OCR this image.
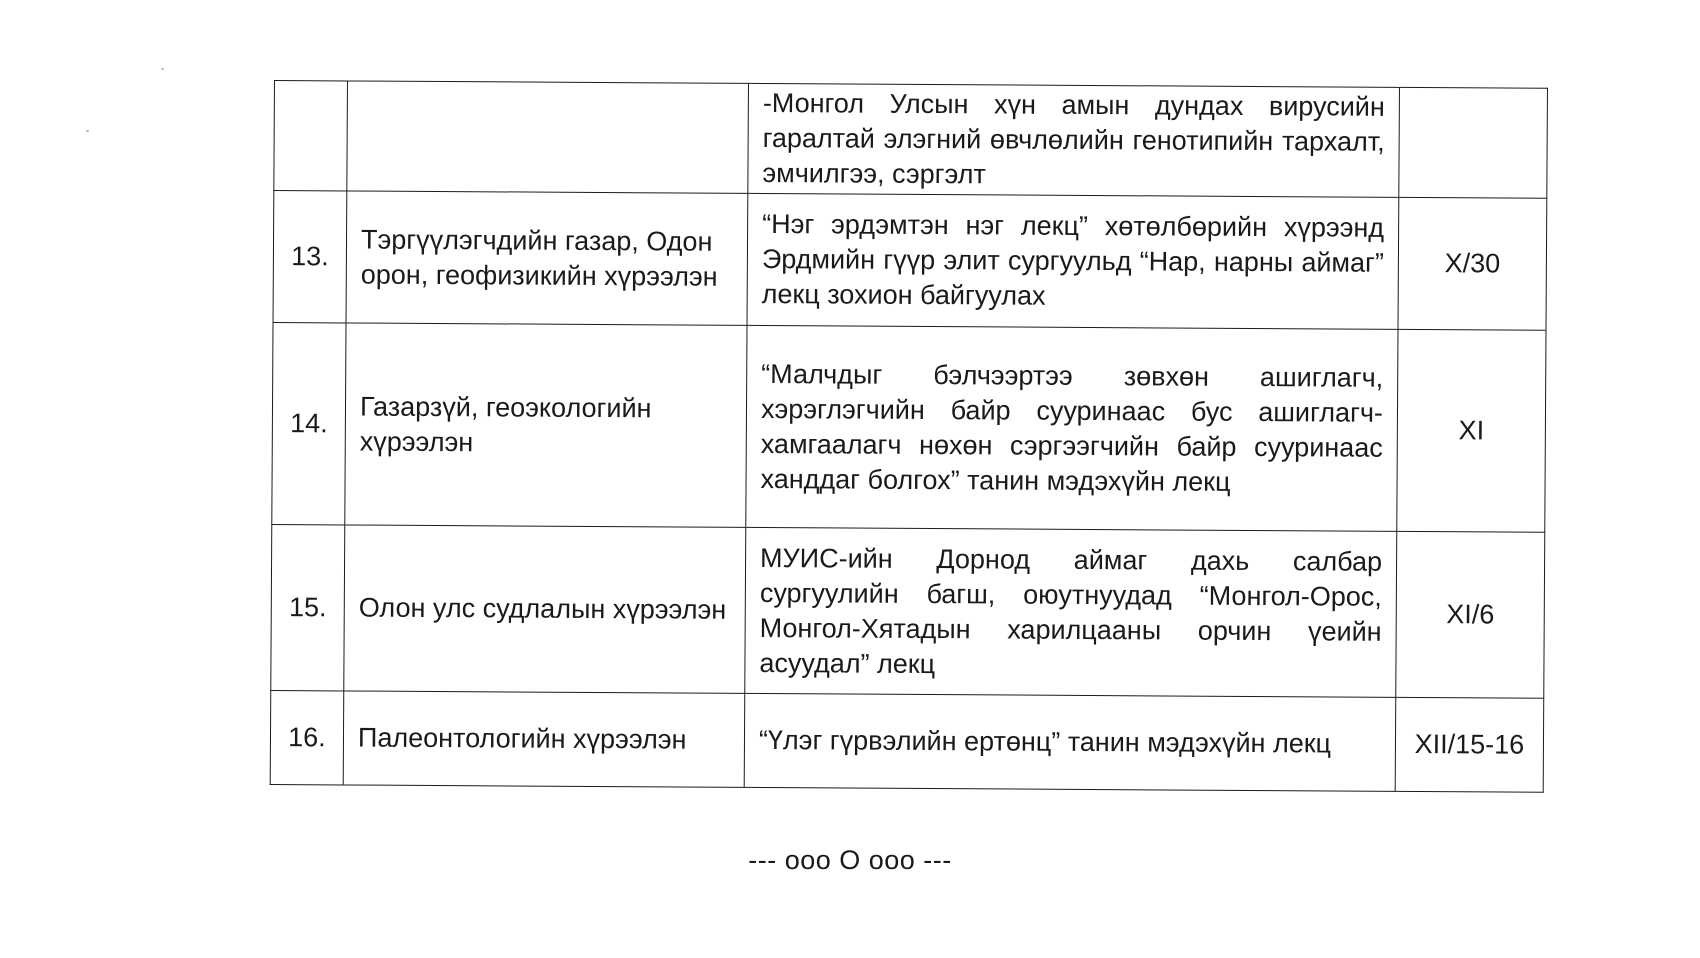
		-Монгол Улсын хүн амын дундах вирусийн гаралтай элэгний өвчлөлийн генотипийн тархалт, эмчилгээ, сэргэлт	
13.	Тэргүүлэгчдийн газар, Одон орон, геофизикийн хүрээлэн	“Нэг эрдэмтэн нэг лекц” хөтөлбөрийн хүрээнд Эрдмийн гүүр элит сургуульд “Нар, нарны аймаг” лекц зохион байгуулах	X/30
14.	Газарзүй, геоэкологийн хүрээлэн	“Малчдыг бэлчээртээ зөвхөн ашиглагч, хэрэглэгчийн байр сууринаас бус ашиглагч-хамгаалагч нөхөн сэргээгчийн байр сууринаас ханддаг болгох” танин мэдэхүйн лекц	XI
15.	Олон улс судлалын хүрээлэн	МУИС-ийн Дорнод аймаг дахь салбар сургуулийн багш, оюутнуудад “Монгол-Орос, Монгол-Хятадын харилцааны орчин үеийн асуудал” лекц	XI/6
16.	Палеонтологийн хүрээлэн	“Үлэг гүрвэлийн ертөнц” танин мэдэхүйн лекц	XII/15-16
--- ооо О ооо ---
